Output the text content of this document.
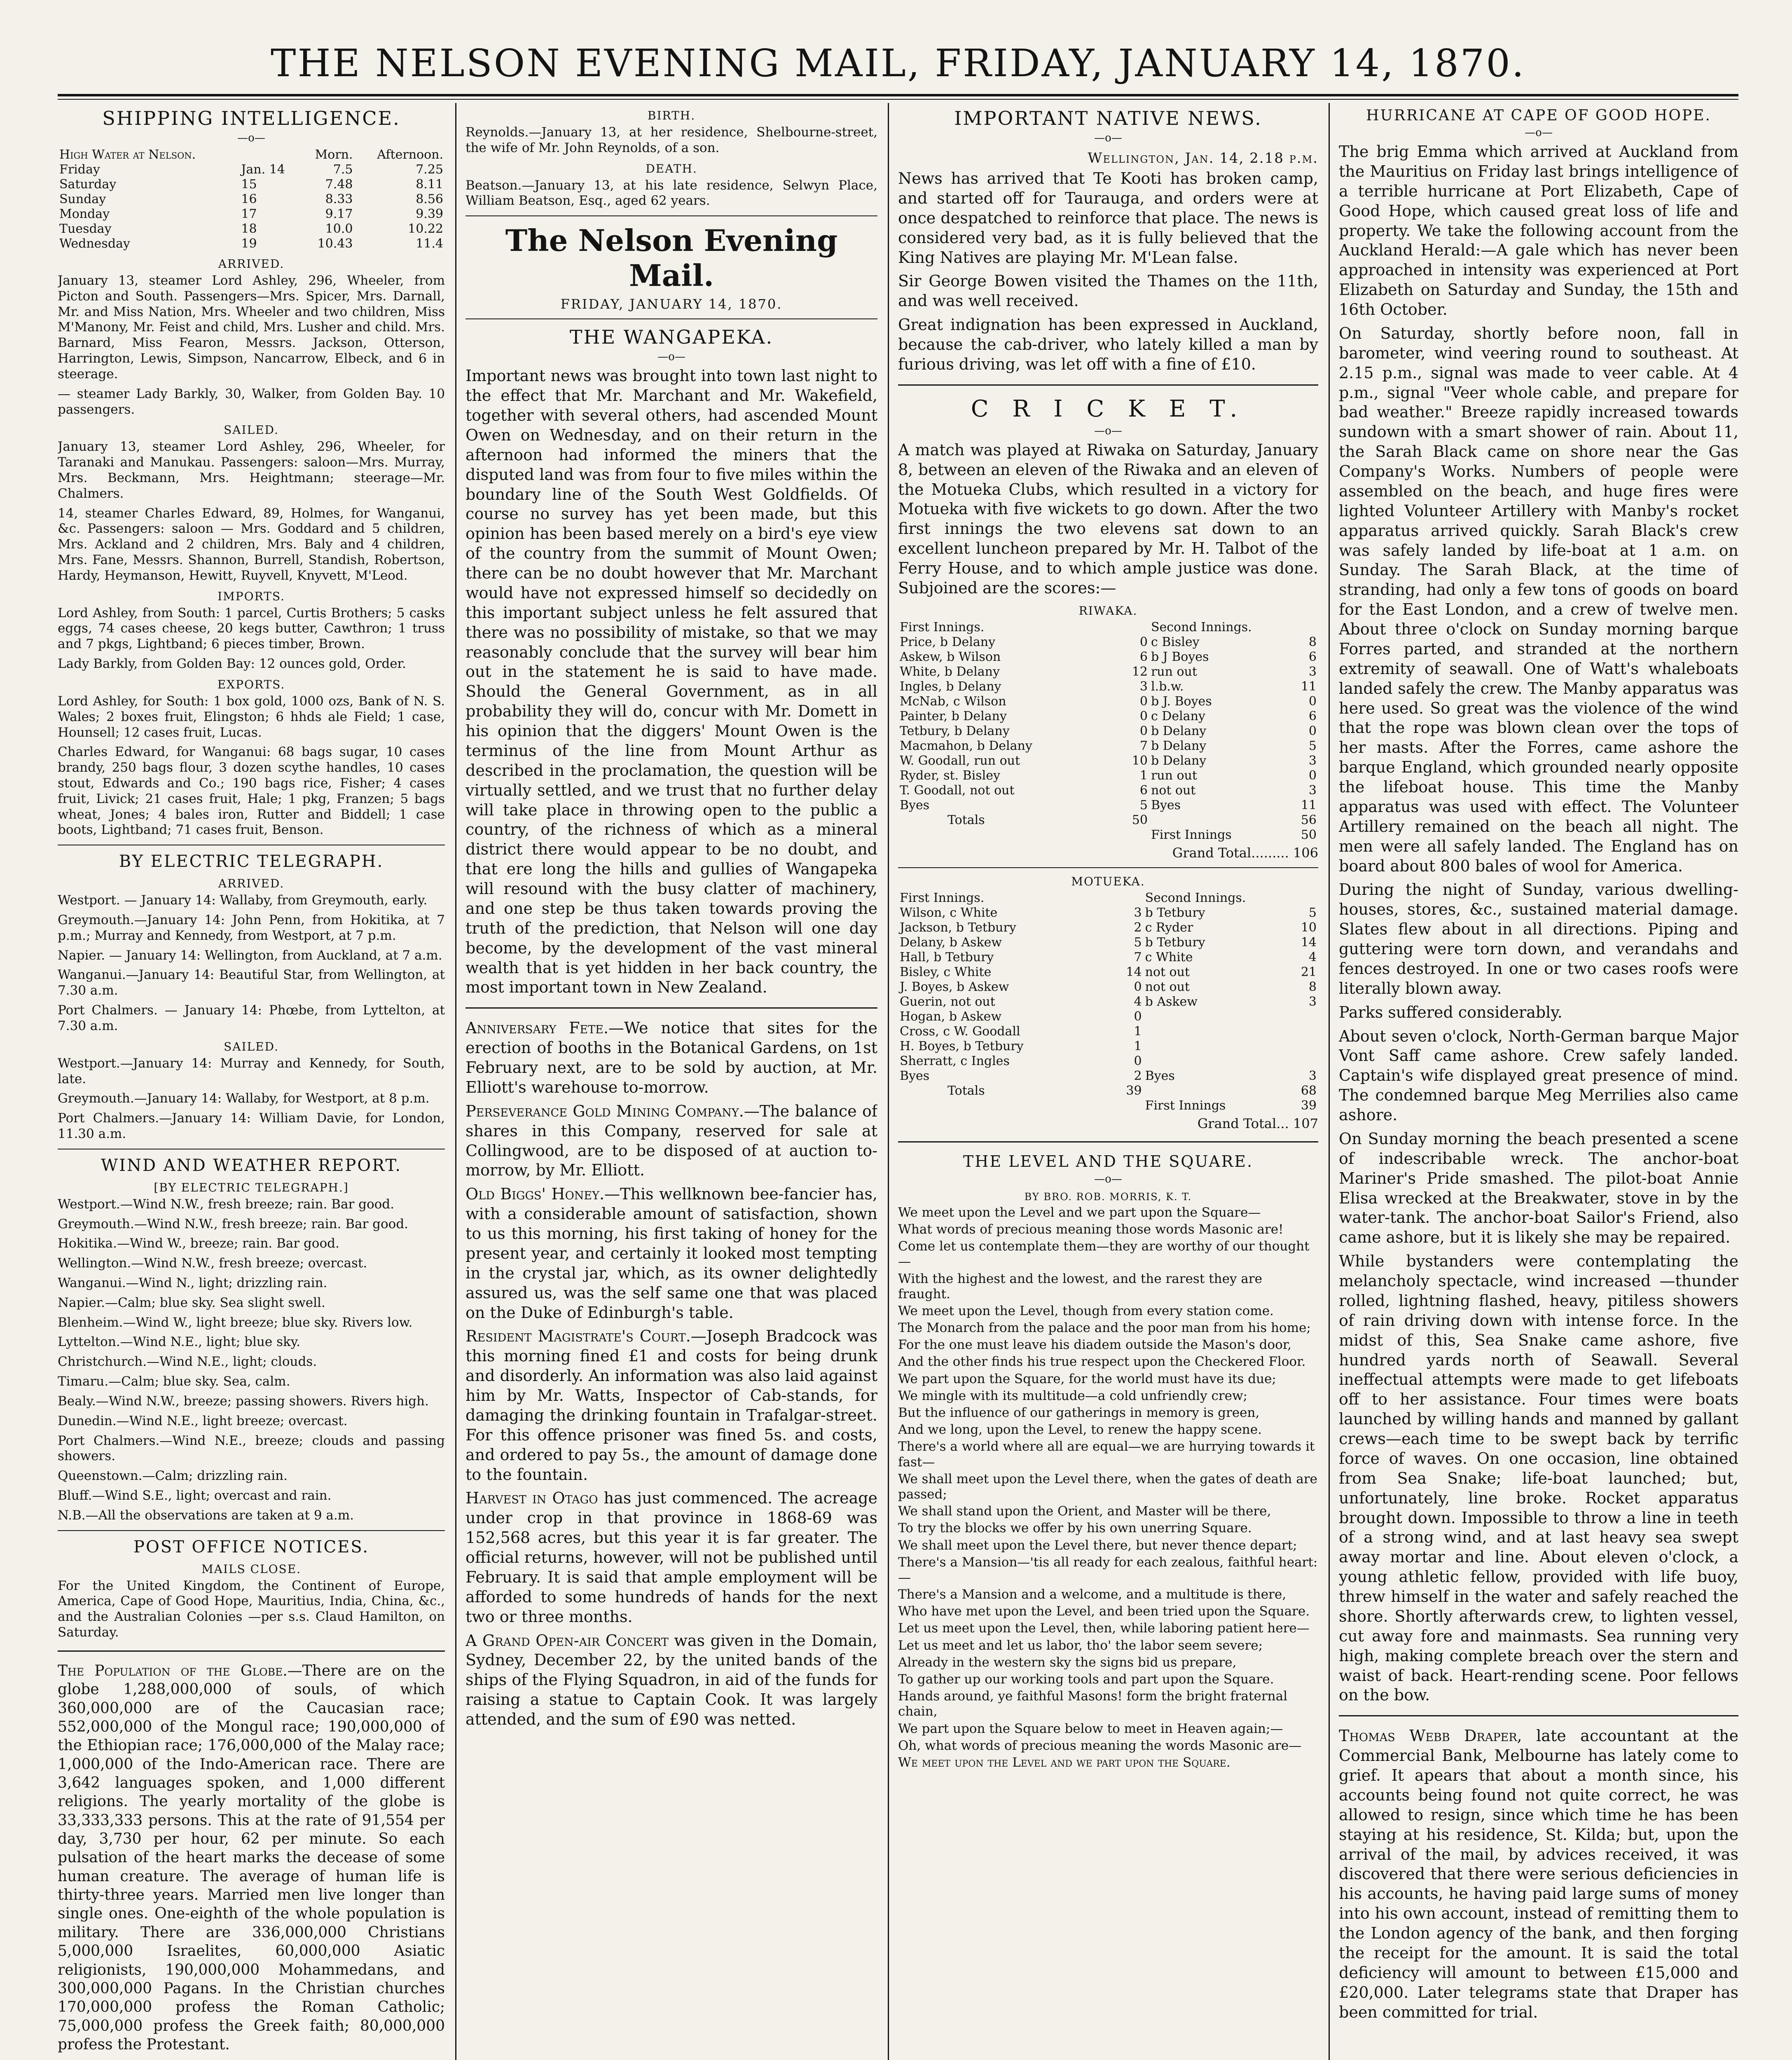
THE NELSON EVENING MAIL, FRIDAY, JANUARY 14, 1870.
SHIPPING INTELLIGENCE.
—o—
High Water at Nelson.		Morn.	Afternoon.
Friday	Jan. 14	7.5	7.25
Saturday	15	7.48	8.11
Sunday	16	8.33	8.56
Monday	17	9.17	9.39
Tuesday	18	10.0	10.22
Wednesday	19	10.43	11.4
ARRIVED.

January 13, steamer Lord Ashley, 296, Wheeler, from Picton and South. Passengers—Mrs. Spicer, Mrs. Darnall, Mr. and Miss Nation, Mrs. Wheeler and two children, Miss M'Manony, Mr. Feist and child, Mrs. Lusher and child. Mrs. Barnard, Miss Fearon, Messrs. Jackson, Otterson, Harrington, Lewis, Simpson, Nancarrow, Elbeck, and 6 in steerage.

— steamer Lady Barkly, 30, Walker, from Golden Bay. 10 passengers.

SAILED.

January 13, steamer Lord Ashley, 296, Wheeler, for Taranaki and Manukau. Passengers: saloon—Mrs. Murray, Mrs. Beckmann, Mrs. Heightmann; steerage—Mr. Chalmers.

14, steamer Charles Edward, 89, Holmes, for Wanganui, &c. Passengers: saloon — Mrs. Goddard and 5 children, Mrs. Ackland and 2 children, Mrs. Baly and 4 children, Mrs. Fane, Messrs. Shannon, Burrell, Standish, Robertson, Hardy, Heymanson, Hewitt, Ruyvell, Knyvett, M'Leod.

IMPORTS.

Lord Ashley, from South: 1 parcel, Curtis Brothers; 5 casks eggs, 74 cases cheese, 20 kegs butter, Cawthron; 1 truss and 7 pkgs, Lightband; 6 pieces timber, Brown.

Lady Barkly, from Golden Bay: 12 ounces gold, Order.

EXPORTS.

Lord Ashley, for South: 1 box gold, 1000 ozs, Bank of N. S. Wales; 2 boxes fruit, Elingston; 6 hhds ale Field; 1 case, Hounsell; 12 cases fruit, Lucas.

Charles Edward, for Wanganui: 68 bags sugar, 10 cases brandy, 250 bags flour, 3 dozen scythe handles, 10 cases stout, Edwards and Co.; 190 bags rice, Fisher; 4 cases fruit, Livick; 21 cases fruit, Hale; 1 pkg, Franzen; 5 bags wheat, Jones; 4 bales iron, Rutter and Biddell; 1 case boots, Lightband; 71 cases fruit, Benson.

BY ELECTRIC TELEGRAPH.
ARRIVED.

Westport. — January 14: Wallaby, from Greymouth, early.

Greymouth.—January 14: John Penn, from Hokitika, at 7 p.m.; Murray and Kennedy, from Westport, at 7 p.m.

Napier. — January 14: Wellington, from Auckland, at 7 a.m.

Wanganui.—January 14: Beautiful Star, from Wellington, at 7.30 a.m.

Port Chalmers. — January 14: Phœbe, from Lyttelton, at 7.30 a.m.

SAILED.

Westport.—January 14: Murray and Kennedy, for South, late.

Greymouth.—January 14: Wallaby, for Westport, at 8 p.m.

Port Chalmers.—January 14: William Davie, for London, 11.30 a.m.

WIND AND WEATHER REPORT.
[BY ELECTRIC TELEGRAPH.]

Westport.—Wind N.W., fresh breeze; rain. Bar good.

Greymouth.—Wind N.W., fresh breeze; rain. Bar good.

Hokitika.—Wind W., breeze; rain. Bar good.

Wellington.—Wind N.W., fresh breeze; overcast.

Wanganui.—Wind N., light; drizzling rain.

Napier.—Calm; blue sky. Sea slight swell.

Blenheim.—Wind W., light breeze; blue sky. Rivers low.

Lyttelton.—Wind N.E., light; blue sky.

Christchurch.—Wind N.E., light; clouds.

Timaru.—Calm; blue sky. Sea, calm.

Bealy.—Wind N.W., breeze; passing showers. Rivers high.

Dunedin.—Wind N.E., light breeze; overcast.

Port Chalmers.—Wind N.E., breeze; clouds and passing showers.

Queenstown.—Calm; drizzling rain.

Bluff.—Wind S.E., light; overcast and rain.

N.B.—All the observations are taken at 9 a.m.

POST OFFICE NOTICES.
MAILS CLOSE.

For the United Kingdom, the Continent of Europe, America, Cape of Good Hope, Mauritius, India, China, &c., and the Australian Colonies —per s.s. Claud Hamilton, on Saturday.

The Population of the Globe.—There are on the globe 1,288,000,000 of souls, of which 360,000,000 are of the Caucasian race; 552,000,000 of the Mongul race; 190,000,000 of the Ethiopian race; 176,000,000 of the Malay race; 1,000,000 of the Indo-American race. There are 3,642 languages spoken, and 1,000 different religions. The yearly mortality of the globe is 33,333,333 persons. This at the rate of 91,554 per day, 3,730 per hour, 62 per minute. So each pulsation of the heart marks the decease of some human creature. The average of human life is thirty-three years. Married men live longer than single ones. One-eighth of the whole population is military. There are 336,000,000 Christians 5,000,000 Israelites, 60,000,000 Asiatic religionists, 190,000,000 Mohammedans, and 300,000,000 Pagans. In the Christian churches 170,000,000 profess the Roman Catholic; 75,000,000 profess the Greek faith; 80,000,000 profess the Protestant.

BIRTH.

Reynolds.—January 13, at her residence, Shelbourne-street, the wife of Mr. John Reynolds, of a son.

DEATH.

Beatson.—January 13, at his late residence, Selwyn Place, William Beatson, Esq., aged 62 years.

The Nelson Evening Mail.
FRIDAY, JANUARY 14, 1870.
THE WANGAPEKA.
—o—

Important news was brought into town last night to the effect that Mr. Marchant and Mr. Wakefield, together with several others, had ascended Mount Owen on Wednesday, and on their return in the afternoon had informed the miners that the disputed land was from four to five miles within the boundary line of the South West Goldfields. Of course no survey has yet been made, but this opinion has been based merely on a bird's eye view of the country from the summit of Mount Owen; there can be no doubt however that Mr. Marchant would have not expressed himself so decidedly on this important subject unless he felt assured that there was no possibility of mistake, so that we may reasonably conclude that the survey will bear him out in the statement he is said to have made. Should the General Government, as in all probability they will do, concur with Mr. Domett in his opinion that the diggers' Mount Owen is the terminus of the line from Mount Arthur as described in the proclamation, the question will be virtually settled, and we trust that no further delay will take place in throwing open to the public a country, of the richness of which as a mineral district there would appear to be no doubt, and that ere long the hills and gullies of Wangapeka will resound with the busy clatter of machinery, and one step be thus taken towards proving the truth of the prediction, that Nelson will one day become, by the development of the vast mineral wealth that is yet hidden in her back country, the most important town in New Zealand.

Anniversary Fete.—We notice that sites for the erection of booths in the Botanical Gardens, on 1st February next, are to be sold by auction, at Mr. Elliott's warehouse to-morrow.

Perseverance Gold Mining Company.—The balance of shares in this Company, reserved for sale at Collingwood, are to be disposed of at auction to-morrow, by Mr. Elliott.

Old Biggs' Honey.—This wellknown bee-fancier has, with a considerable amount of satisfaction, shown to us this morning, his first taking of honey for the present year, and certainly it looked most tempting in the crystal jar, which, as its owner delightedly assured us, was the self same one that was placed on the Duke of Edinburgh's table.

Resident Magistrate's Court.—Joseph Bradcock was this morning fined £1 and costs for being drunk and disorderly. An information was also laid against him by Mr. Watts, Inspector of Cab-stands, for damaging the drinking fountain in Trafalgar-street. For this offence prisoner was fined 5s. and costs, and ordered to pay 5s., the amount of damage done to the fountain.

Harvest in Otago has just commenced. The acreage under crop in that province in 1868-69 was 152,568 acres, but this year it is far greater. The official returns, however, will not be published until February. It is said that ample employment will be afforded to some hundreds of hands for the next two or three months.

A Grand Open-air Concert was given in the Domain, Sydney, December 22, by the united bands of the ships of the Flying Squadron, in aid of the funds for raising a statue to Captain Cook. It was largely attended, and the sum of £90 was netted.

IMPORTANT NATIVE NEWS.
—o—
Wellington, Jan. 14, 2.18 p.m.

News has arrived that Te Kooti has broken camp, and started off for Taurauga, and orders were at once despatched to reinforce that place. The news is considered very bad, as it is fully believed that the King Natives are playing Mr. M'Lean false.

Sir George Bowen visited the Thames on the 11th, and was well received.

Great indignation has been expressed in Auckland, because the cab-driver, who lately killed a man by furious driving, was let off with a fine of £10.

C R I C K E T.
—o—

A match was played at Riwaka on Saturday, January 8, between an eleven of the Riwaka and an eleven of the Motueka Clubs, which resulted in a victory for Motueka with five wickets to go down. After the two first innings the two elevens sat down to an excellent luncheon prepared by Mr. H. Talbot of the Ferry House, and to which ample justice was done. Subjoined are the scores:—

RIWAKA.
First Innings.		Second Innings.	
Price, b Delany	0	c Bisley	8
Askew, b Wilson	6	b J Boyes	6
White, b Delany	12	run out	3
Ingles, b Delany	3	l.b.w.	11
McNab, c Wilson	0	b J. Boyes	0
Painter, b Delany	0	c Delany	6
Tetbury, b Delany	0	b Delany	0
Macmahon, b Delany	7	b Delany	5
W. Goodall, run out	10	b Delany	3
Ryder, st. Bisley	1	run out	0
T. Goodall, not out	6	not out	3
Byes	5	Byes	11
Totals	50		56
		First Innings	50
Grand Total......... 106
MOTUEKA.
First Innings.		Second Innings.	
Wilson, c White	3	b Tetbury	5
Jackson, b Tetbury	2	c Ryder	10
Delany, b Askew	5	b Tetbury	14
Hall, b Tetbury	7	c White	4
Bisley, c White	14	not out	21
J. Boyes, b Askew	0	not out	8
Guerin, not out	4	b Askew	3
Hogan, b Askew	0		
Cross, c W. Goodall	1		
H. Boyes, b Tetbury	1		
Sherratt, c Ingles	0		
Byes	2	Byes	3
Totals	39		68
		First Innings	39
Grand Total... 107
THE LEVEL AND THE SQUARE.
—o—
BY BRO. ROB. MORRIS, K. T.

We meet upon the Level and we part upon the Square—

What words of precious meaning those words Masonic are!

Come let us contemplate them—they are worthy of our thought—

With the highest and the lowest, and the rarest they are fraught.

We meet upon the Level, though from every station come.

The Monarch from the palace and the poor man from his home;

For the one must leave his diadem outside the Mason's door,

And the other finds his true respect upon the Checkered Floor.

We part upon the Square, for the world must have its due;

We mingle with its multitude—a cold unfriendly crew;

But the influence of our gatherings in memory is green,

And we long, upon the Level, to renew the happy scene.

There's a world where all are equal—we are hurrying towards it fast—

We shall meet upon the Level there, when the gates of death are passed;

We shall stand upon the Orient, and Master will be there,

To try the blocks we offer by his own unerring Square.

We shall meet upon the Level there, but never thence depart;

There's a Mansion—'tis all ready for each zealous, faithful heart:—

There's a Mansion and a welcome, and a multitude is there,

Who have met upon the Level, and been tried upon the Square.

Let us meet upon the Level, then, while laboring patient here—

Let us meet and let us labor, tho' the labor seem severe;

Already in the western sky the signs bid us prepare,

To gather up our working tools and part upon the Square.

Hands around, ye faithful Masons! form the bright fraternal chain,

We part upon the Square below to meet in Heaven again;—

Oh, what words of precious meaning the words Masonic are—

We meet upon the Level and we part upon the Square.

HURRICANE AT CAPE OF GOOD HOPE.
—o—

The brig Emma which arrived at Auckland from the Mauritius on Friday last brings intelligence of a terrible hurricane at Port Elizabeth, Cape of Good Hope, which caused great loss of life and property. We take the following account from the Auckland Herald:—A gale which has never been approached in intensity was experienced at Port Elizabeth on Saturday and Sunday, the 15th and 16th October.

On Saturday, shortly before noon, fall in barometer, wind veering round to southeast. At 2.15 p.m., signal was made to veer cable. At 4 p.m., signal "Veer whole cable, and prepare for bad weather." Breeze rapidly increased towards sundown with a smart shower of rain. About 11, the Sarah Black came on shore near the Gas Company's Works. Numbers of people were assembled on the beach, and huge fires were lighted Volunteer Artillery with Manby's rocket apparatus arrived quickly. Sarah Black's crew was safely landed by life-boat at 1 a.m. on Sunday. The Sarah Black, at the time of stranding, had only a few tons of goods on board for the East London, and a crew of twelve men. About three o'clock on Sunday morning barque Forres parted, and stranded at the northern extremity of seawall. One of Watt's whaleboats landed safely the crew. The Manby apparatus was here used. So great was the violence of the wind that the rope was blown clean over the tops of her masts. After the Forres, came ashore the barque England, which grounded nearly opposite the lifeboat house. This time the Manby apparatus was used with effect. The Volunteer Artillery remained on the beach all night. The men were all safely landed. The England has on board about 800 bales of wool for America.

During the night of Sunday, various dwelling-houses, stores, &c., sustained material damage. Slates flew about in all directions. Piping and guttering were torn down, and verandahs and fences destroyed. In one or two cases roofs were literally blown away.

Parks suffered considerably.

About seven o'clock, North-German barque Major Vont Saff came ashore. Crew safely landed. Captain's wife displayed great presence of mind. The condemned barque Meg Merrilies also came ashore.

On Sunday morning the beach presented a scene of indescribable wreck. The anchor-boat Mariner's Pride smashed. The pilot-boat Annie Elisa wrecked at the Breakwater, stove in by the water-tank. The anchor-boat Sailor's Friend, also came ashore, but it is likely she may be repaired.

While bystanders were contemplating the melancholy spectacle, wind increased —thunder rolled, lightning flashed, heavy, pitiless showers of rain driving down with intense force. In the midst of this, Sea Snake came ashore, five hundred yards north of Seawall. Several ineffectual attempts were made to get lifeboats off to her assistance. Four times were boats launched by willing hands and manned by gallant crews—each time to be swept back by terrific force of waves. On one occasion, line obtained from Sea Snake; life-boat launched; but, unfortunately, line broke. Rocket apparatus brought down. Impossible to throw a line in teeth of a strong wind, and at last heavy sea swept away mortar and line. About eleven o'clock, a young athletic fellow, provided with life buoy, threw himself in the water and safely reached the shore. Shortly afterwards crew, to lighten vessel, cut away fore and mainmasts. Sea running very high, making complete breach over the stern and waist of back. Heart-rending scene. Poor fellows on the bow.

Thomas Webb Draper, late accountant at the Commercial Bank, Melbourne has lately come to grief. It apears that about a month since, his accounts being found not quite correct, he was allowed to resign, since which time he has been staying at his residence, St. Kilda; but, upon the arrival of the mail, by advices received, it was discovered that there were serious deficiencies in his accounts, he having paid large sums of money into his own account, instead of remitting them to the London agency of the bank, and then forging the receipt for the amount. It is said the total deficiency will amount to between £15,000 and £20,000. Later telegrams state that Draper has been committed for trial.
